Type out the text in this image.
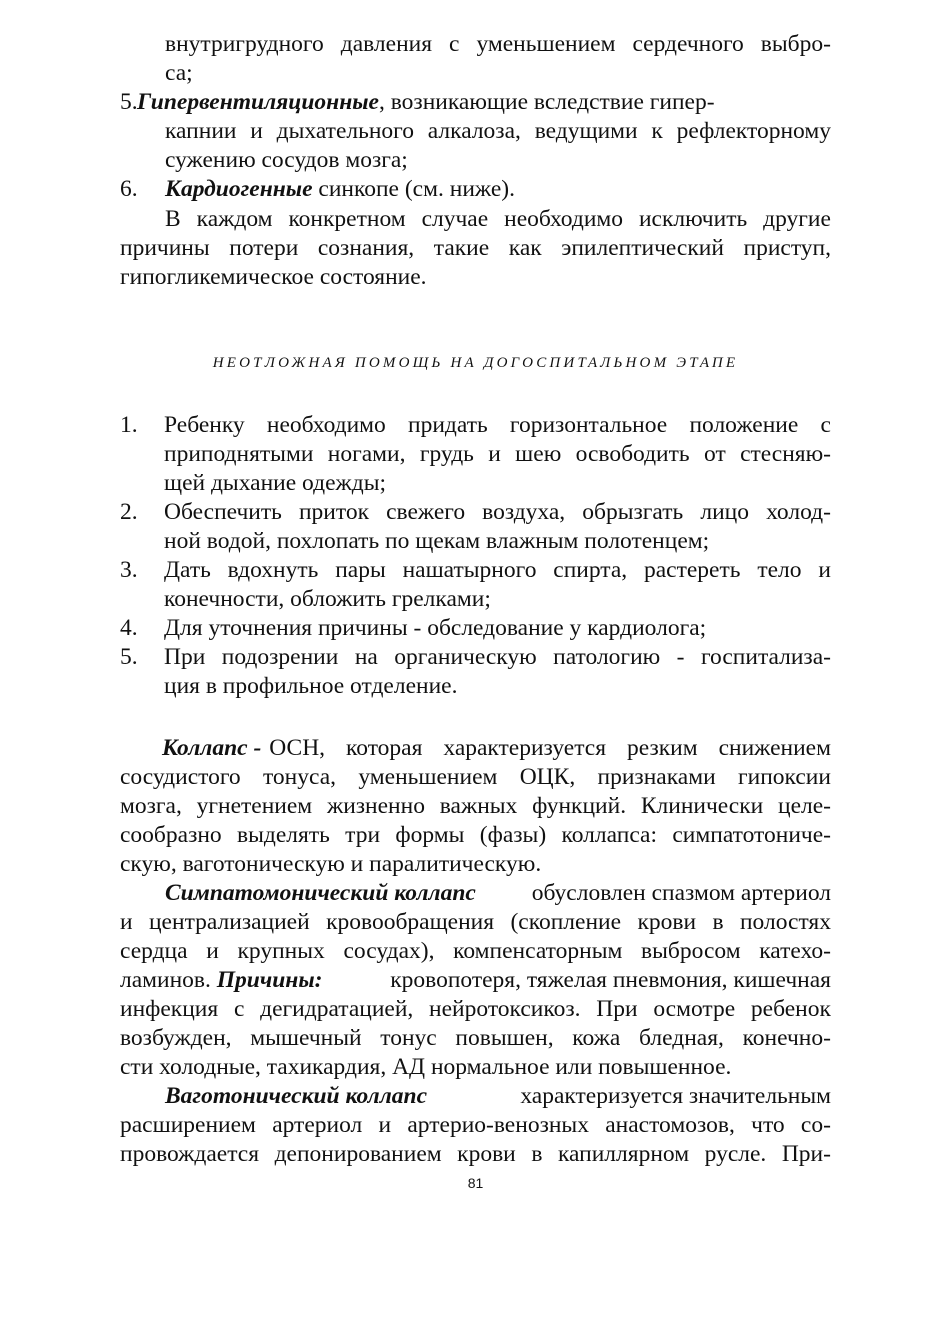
внутригрудного давления с уменьшением сердечного выбро-
са;
5. Гипервентиляционные, возникающие вследствие гипер-
капнии и дыхательного алкалоза, ведущими к рефлекторному
сужению сосудов мозга;
6. Кардиогенные синкопе (см. ниже).
В каждом конкретном случае необходимо исключить другие
причины потери сознания, такие как эпилептический приступ,
гипогликемическое состояние.
НЕОТЛОЖНАЯ ПОМОЩЬ НА ДОГОСПИТАЛЬНОМ ЭТАПЕ
1. Ребенку необходимо придать горизонтальное положение с
приподнятыми ногами, грудь и шею освободить от стесняю-
щей дыхание одежды;
2. Обеспечить приток свежего воздуха, обрызгать лицо холод-
ной водой, похлопать по щекам влажным полотенцем;
3. Дать вдохнуть пары нашатырного спирта, растереть тело и
конечности, обложить грелками;
4. Для уточнения причины - обследование у кардиолога;
5. При подозрении на органическую патологию - госпитализа-
ция в профильное отделение.
Коллапс - ОСН, которая характеризуется резким снижением
сосудистого тонуса, уменьшением ОЦК, признаками гипоксии
мозга, угнетением жизненно важных функций. Клинически целе-
сообразно выделять три формы (фазы) коллапса: симпатотониче-
скую, ваготоническую и паралитическую.
Симпатомонический коллапс обусловлен спазмом артериол
и централизацией кровообращения (скопление крови в полостях
сердца и крупных сосудах), компенсаторным выбросом катехо-
ламинов. Причины:	кровопотеря, тяжелая пневмония, кишечная
инфекция с дегидратацией, нейротоксикоз. При осмотре ребенок
возбужден, мышечный тонус повышен, кожа бледная, конечно-
сти холодные, тахикардия, АД нормальное или повышенное.
Ваготонический коллапс	характеризуется значительным
расширением артериол и артерио-венозных анастомозов, что со-
провождается депонированием крови в капиллярном русле. При-
81
